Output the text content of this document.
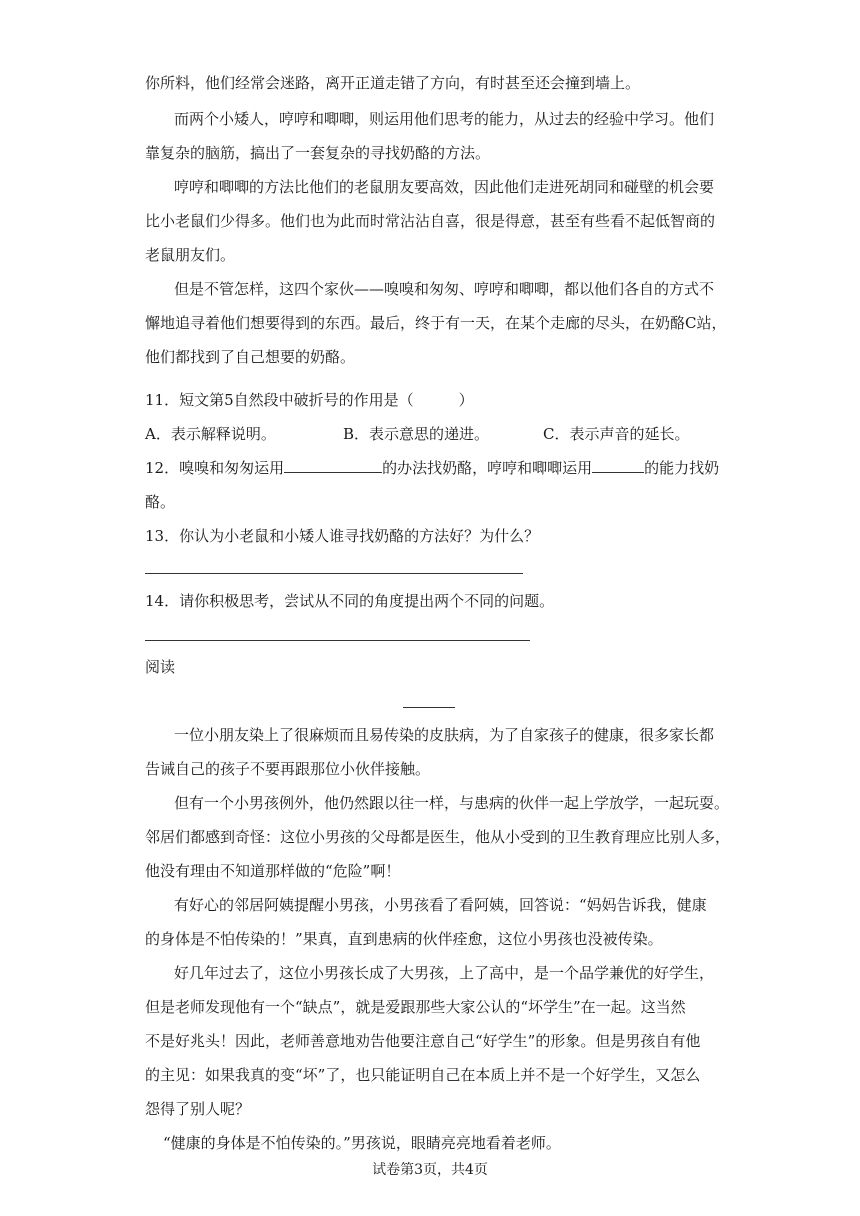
你所料，他们经常会迷路，离开正道走错了方向，有时甚至还会撞到墙上。

而两个小矮人，哼哼和唧唧，则运用他们思考的能力，从过去的经验中学习。他们

靠复杂的脑筋，搞出了一套复杂的寻找奶酪的方法。

哼哼和唧唧的方法比他们的老鼠朋友要高效，因此他们走进死胡同和碰壁的机会要

比小老鼠们少得多。他们也为此而时常沾沾自喜，很是得意，甚至有些看不起低智商的

老鼠朋友们。

但是不管怎样，这四个家伙——嗅嗅和匆匆、哼哼和唧唧，都以他们各自的方式不

懈地追寻着他们想要得到的东西。最后，终于有一天，在某个走廊的尽头，在奶酪C站，

他们都找到了自己想要的奶酪。

11．短文第5自然段中破折号的作用是（　　　）

A．表示解释说明。	B．表示意思的递进。	C．表示声音的延长。

12．嗅嗅和匆匆运用	的办法找奶酪，哼哼和唧唧运用	的能力找奶

酪。

13．你认为小老鼠和小矮人谁寻找奶酪的方法好？为什么？

14．请你积极思考，尝试从不同的角度提出两个不同的问题。

阅读

一位小朋友染上了很麻烦而且易传染的皮肤病，为了自家孩子的健康，很多家长都

告诫自己的孩子不要再跟那位小伙伴接触。

但有一个小男孩例外，他仍然跟以往一样，与患病的伙伴一起上学放学，一起玩耍。

邻居们都感到奇怪：这位小男孩的父母都是医生，他从小受到的卫生教育理应比别人多，

他没有理由不知道那样做的“危险”啊！

有好心的邻居阿姨提醒小男孩，小男孩看了看阿姨，回答说：“妈妈告诉我，健康

的身体是不怕传染的！”果真，直到患病的伙伴痊愈，这位小男孩也没被传染。

好几年过去了，这位小男孩长成了大男孩，上了高中，是一个品学兼优的好学生，

但是老师发现他有一个“缺点”，就是爱跟那些大家公认的“坏学生”在一起。这当然

不是好兆头！因此，老师善意地劝告他要注意自己“好学生”的形象。但是男孩自有他

的主见：如果我真的变“坏”了，也只能证明自己在本质上并不是一个好学生，又怎么

怨得了别人呢？

“健康的身体是不怕传染的。”男孩说，眼睛亮亮地看着老师。

试卷第3页，共4页
